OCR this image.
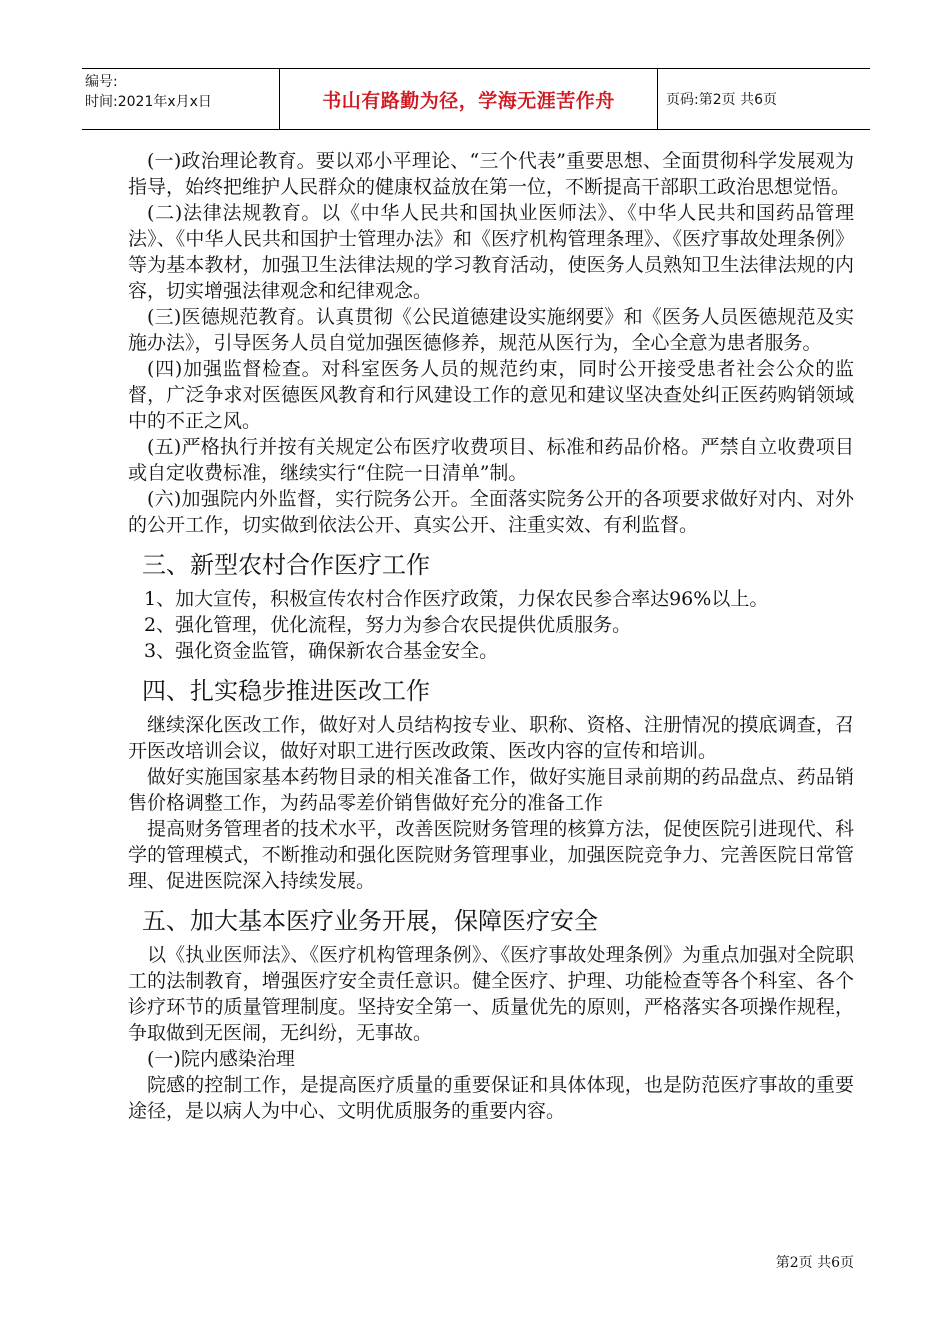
编号:
时间:2021年x月x日	书山有路勤为径，学海无涯苦作舟	页码:第2页 共6页

(一)政治理论教育。要以邓小平理论、“三个代表”重要思想、全面贯彻科学发展观为指导，始终把维护人民群众的健康权益放在第一位，不断提高干部职工政治思想觉悟。

(二)法律法规教育。以《中华人民共和国执业医师法》、《中华人民共和国药品管理法》、《中华人民共和国护士管理办法》和《医疗机构管理条理》、《医疗事故处理条例》等为基本教材，加强卫生法律法规的学习教育活动，使医务人员熟知卫生法律法规的内容，切实增强法律观念和纪律观念。

(三)医德规范教育。认真贯彻《公民道德建设实施纲要》和《医务人员医德规范及实施办法》，引导医务人员自觉加强医德修养，规范从医行为，全心全意为患者服务。

(四)加强监督检查。对科室医务人员的规范约束，同时公开接受患者社会公众的监督，广泛争求对医德医风教育和行风建设工作的意见和建议坚决查处纠正医药购销领域中的不正之风。

(五)严格执行并按有关规定公布医疗收费项目、标准和药品价格。严禁自立收费项目或自定收费标准，继续实行“住院一日清单”制。

(六)加强院内外监督，实行院务公开。全面落实院务公开的各项要求做好对内、对外的公开工作，切实做到依法公开、真实公开、注重实效、有利监督。

三、新型农村合作医疗工作

1、加大宣传，积极宣传农村合作医疗政策，力保农民参合率达96%以上。

2、强化管理，优化流程，努力为参合农民提供优质服务。

3、强化资金监管，确保新农合基金安全。

四、扎实稳步推进医改工作

继续深化医改工作，做好对人员结构按专业、职称、资格、注册情况的摸底调查，召开医改培训会议，做好对职工进行医改政策、医改内容的宣传和培训。

做好实施国家基本药物目录的相关准备工作，做好实施目录前期的药品盘点、药品销售价格调整工作，为药品零差价销售做好充分的准备工作

提高财务管理者的技术水平，改善医院财务管理的核算方法，促使医院引进现代、科学的管理模式，不断推动和强化医院财务管理事业，加强医院竞争力、完善医院日常管理、促进医院深入持续发展。

五、加大基本医疗业务开展，保障医疗安全

以《执业医师法》、《医疗机构管理条例》、《医疗事故处理条例》为重点加强对全院职工的法制教育，增强医疗安全责任意识。健全医疗、护理、功能检查等各个科室、各个诊疗环节的质量管理制度。坚持安全第一、质量优先的原则，严格落实各项操作规程，争取做到无医闹，无纠纷，无事故。

(一)院内感染治理

院感的控制工作，是提高医疗质量的重要保证和具体体现，也是防范医疗事故的重要途径，是以病人为中心、文明优质服务的重要内容。

第2页 共6页
